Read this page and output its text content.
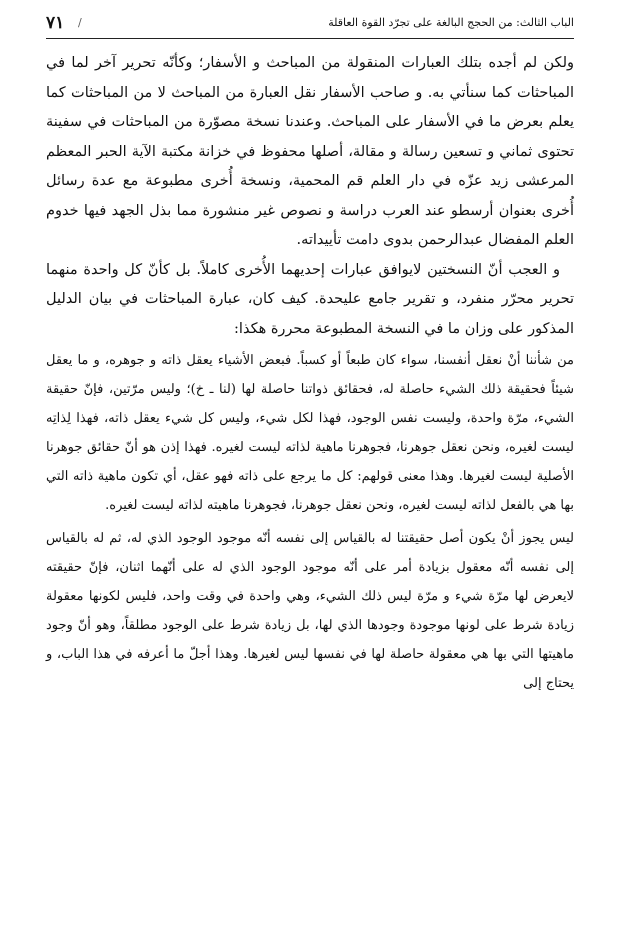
٧١ /	الباب الثالث: من الحجج البالغة على تجرّد القوة العاقلة

ولكن لم أجده بتلك العبارات المنقولة من المباحث و الأسفار؛ وكأنّه تحرير آخر لما في المباحثات كما سنأتي به. و صاحب الأسفار نقل العبارة من المباحث لا من المباحثات كما يعلم بعرض ما في الأسفار على المباحث. وعندنا نسخة مصوّرة من المباحثات في سفينة تحتوى ثماني و تسعين رسالة و مقالة، أصلها محفوظ في خزانة مكتبة الآية الحبر المعظم المرعشى زيد عزّه في دار العلم قم المحمية، ونسخة أُخرى مطبوعة مع عدة رسائل أُخرى بعنوان أرسطو عند العرب دراسة و نصوص غير منشورة مما بذل الجهد فيها خدوم العلم المفضال عبدالرحمن بدوى دامت تأييداته.

و العجب أنّ النسختين لايوافق عبارات إحديهما الأُخرى كاملاً. بل كأنّ كل واحدة منهما تحرير محرّر منفرد، و تقرير جامع عليحدة. كيف كان، عبارة المباحثات في بيان الدليل المذكور على وزان ما في النسخة المطبوعة محررة هكذا:

من شأننا أنْ نعقل أنفسنا، سواء كان طبعاً أو كسباً. فبعض الأشياء يعقل ذاته و جوهره، و ما يعقل شيئاً فحقيقة ذلك الشيء حاصلة له، فحقائق ذواتنا حاصلة لها (لنا ـ خ)؛ وليس مرّتين، فإنّ حقيقة الشيء، مرّة واحدة، وليست نفس الوجود، فهذا لكل شيء، وليس كل شيء يعقل ذاته، فهذا لِذاتِه ليست لغيره، ونحن نعقل جوهرنا، فجوهرنا ماهية لذاته ليست لغيره. فهذا إذن هو أنّ حقائق جوهرنا الأصلية ليست لغيرها. وهذا معنى قولهم: كل ما يرجع على ذاته فهو عقل، أي تكون ماهية ذاته التي بها هي بالفعل لذاته ليست لغيره، ونحن نعقل جوهرنا، فجوهرنا ماهيته لذاته ليست لغيره.

ليس يجوز أنْ يكون أصل حقيقتنا له بالقياس إلى نفسه أنّه موجود الوجود الذي له، ثم له بالقياس إلى نفسه أنّه معقول بزيادة أمر على أنّه موجود الوجود الذي له على أنّهما اثنان، فإنّ حقيقته لايعرض لها مرّة شيء و مرّة ليس ذلك الشيء، وهي واحدة في وقت واحد، فليس لكونها معقولة زيادة شرط على لونها موجودة وجودها الذي لها، بل زيادة شرط على الوجود مطلقاً، وهو أنّ وجود ماهيتها التي بها هي معقولة حاصلة لها في نفسها ليس لغيرها. وهذا أجلّ ما أعرفه في هذا الباب، و يحتاج إلى
